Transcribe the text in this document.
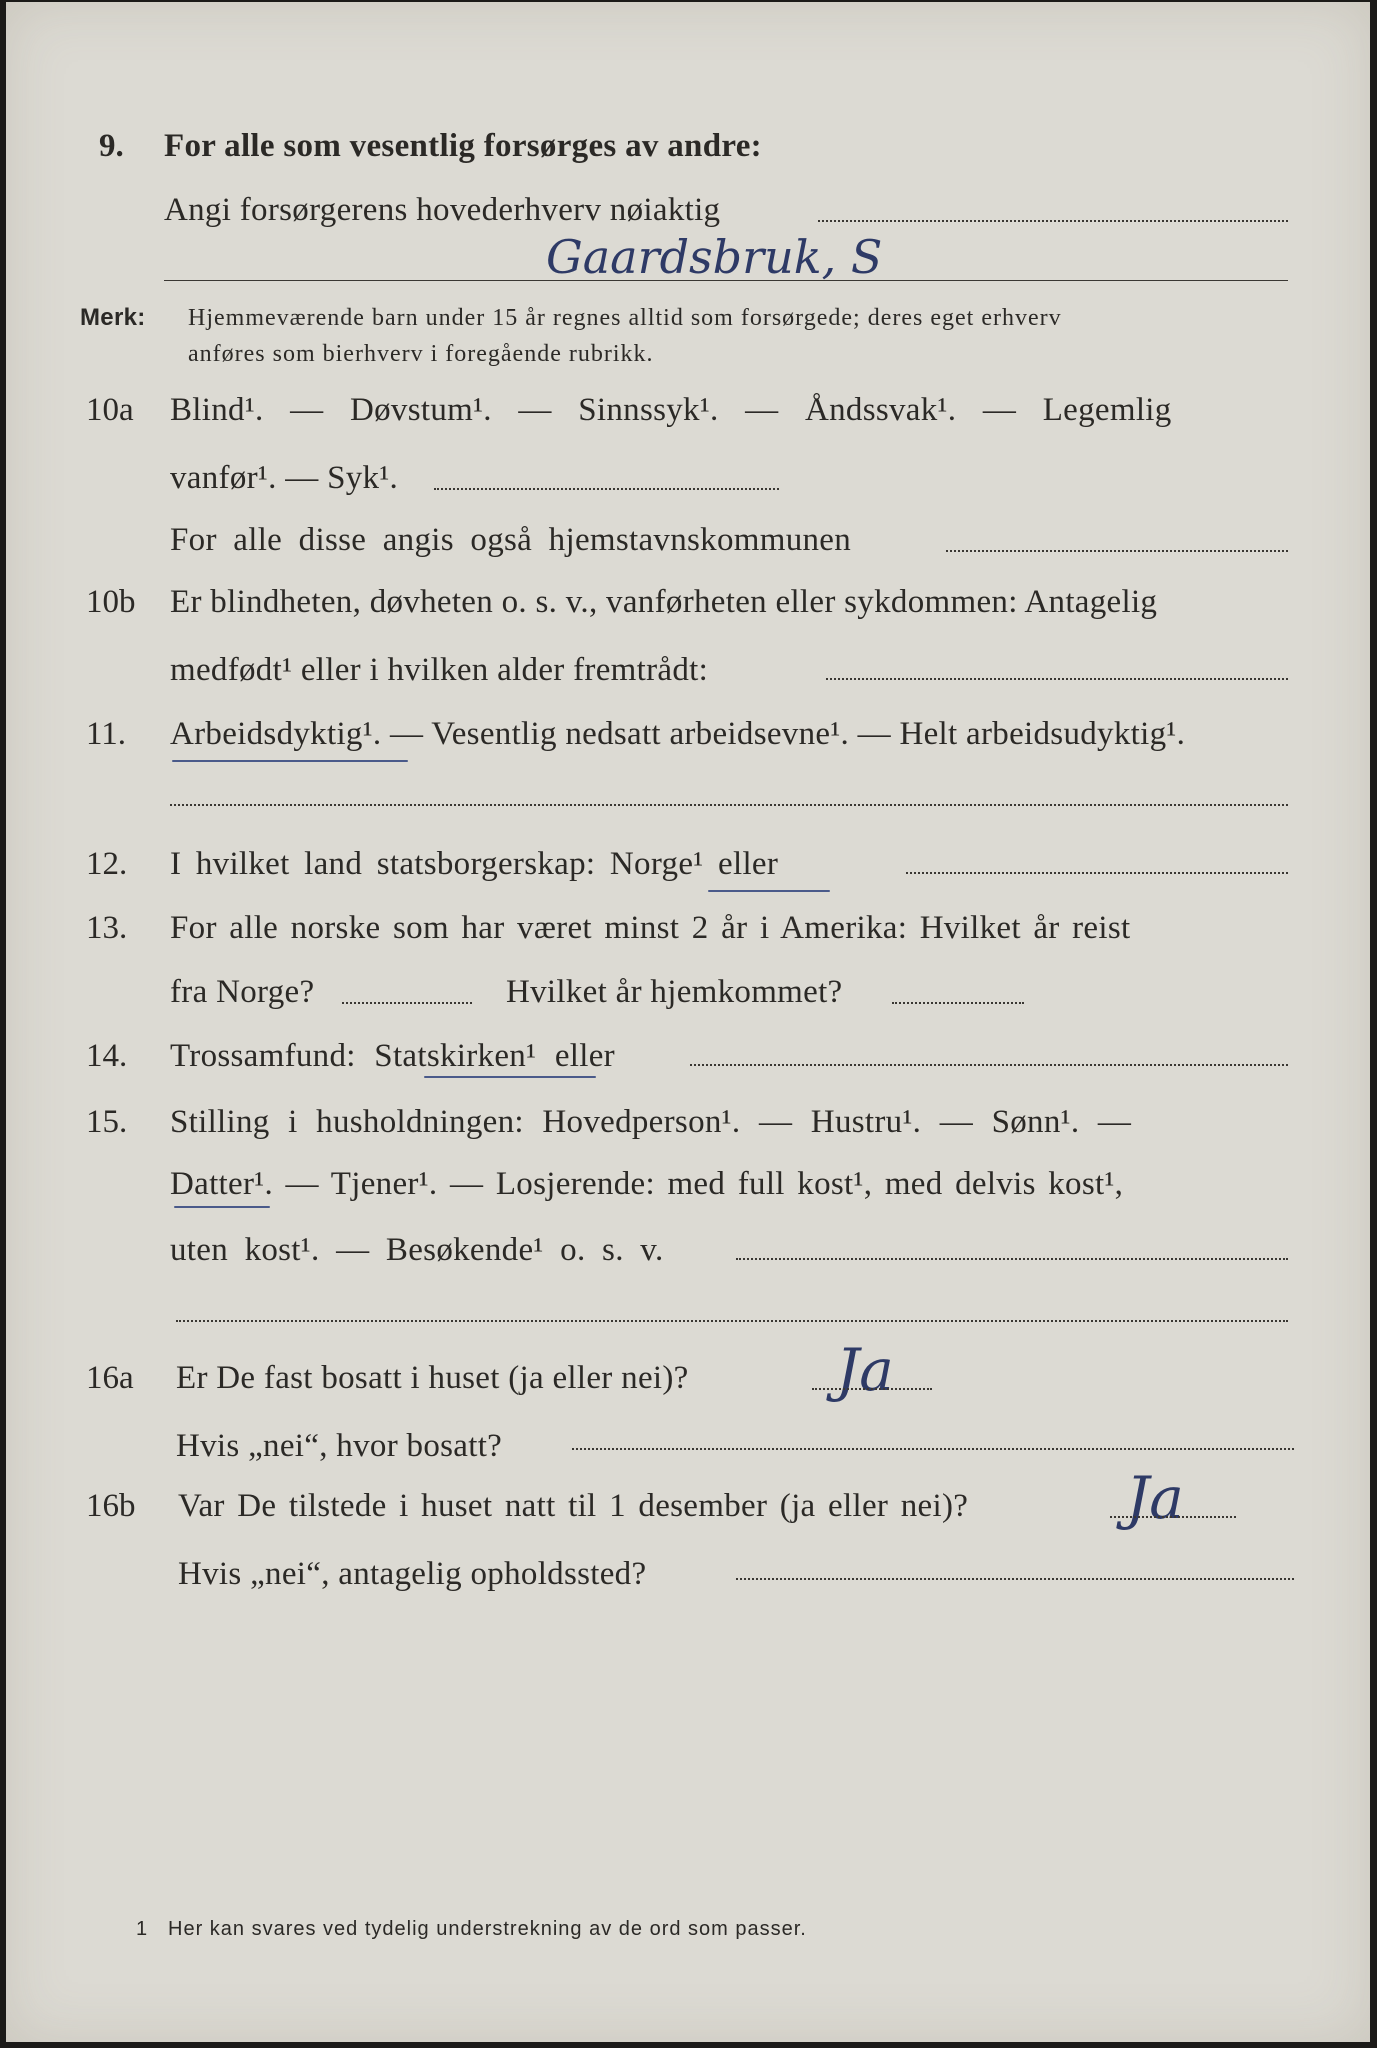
9. For alle som vesentlig forsørges av andre:
Angi forsørgerens hovederhverv nøiaktig
Gaardsbruk, S
Merk: Hjemmeværende barn under 15 år regnes alltid som forsørgede; deres eget erhverv
anføres som bierhverv i foregående rubrikk.
10a Blind¹. — Døvstum¹. — Sinnssyk¹. — Åndssvak¹. — Legemlig
vanfør¹. — Syk¹.
For alle disse angis også hjemstavnskommunen
10b Er blindheten, døvheten o. s. v., vanførheten eller sykdommen: Antagelig
medfødt¹ eller i hvilken alder fremtrådt:
11. Arbeidsdyktig¹. — Vesentlig nedsatt arbeidsevne¹. — Helt arbeidsudyktig¹.
12. I hvilket land statsborgerskap: Norge¹ eller
13. For alle norske som har været minst 2 år i Amerika: Hvilket år reist
fra Norge?	Hvilket år hjemkommet?
14. Trossamfund: Statskirken¹ eller
15. Stilling i husholdningen: Hovedperson¹. — Hustru¹. — Sønn¹. —
Datter¹. — Tjener¹. — Losjerende: med full kost¹, med delvis kost¹,
uten kost¹. — Besøkende¹ o. s. v.
16a Er De fast bosatt i huset (ja eller nei)?	Ja
Hvis „nei“, hvor bosatt?
16b Var De tilstede i huset natt til 1 desember (ja eller nei)?	Ja
Hvis „nei“, antagelig opholdssted?
1 Her kan svares ved tydelig understrekning av de ord som passer.
